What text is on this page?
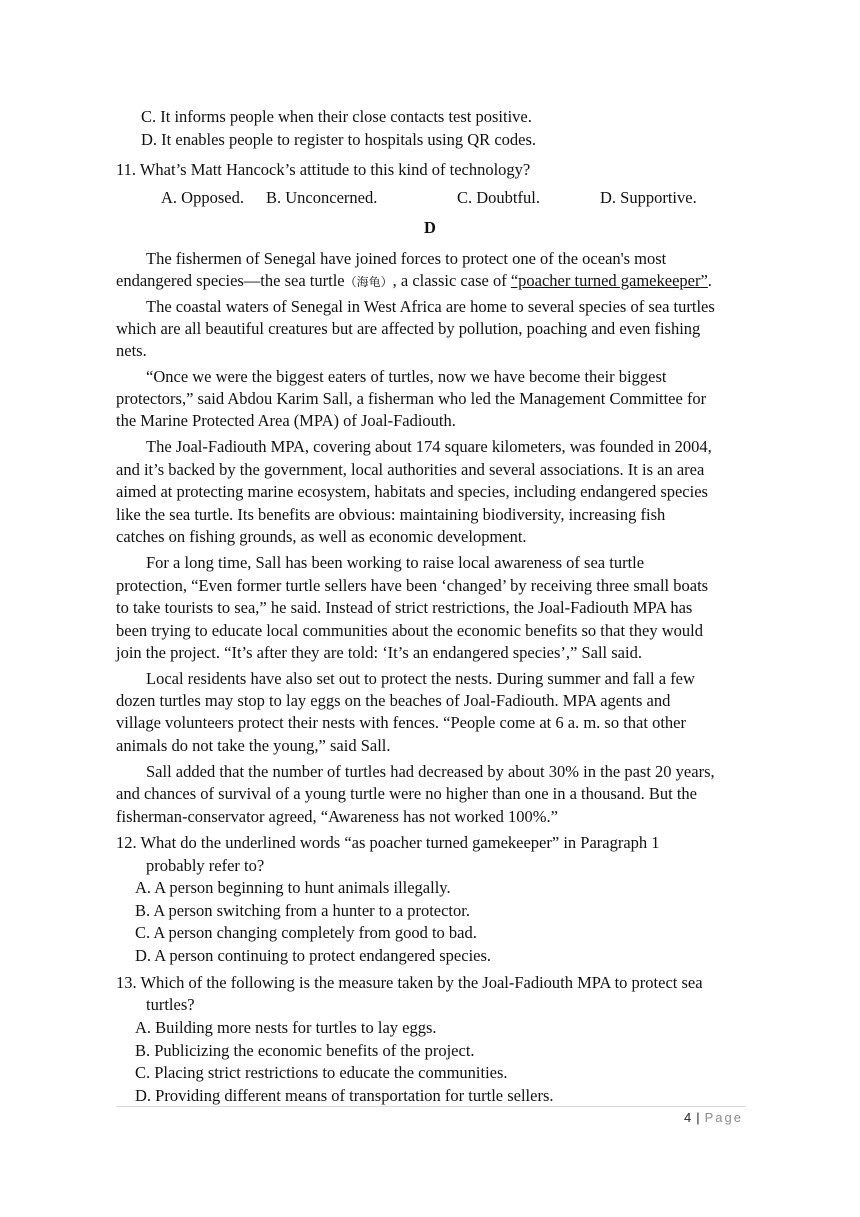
C. It informs people when their close contacts test positive.
D. It enables people to register to hospitals using QR codes.
11. What’s Matt Hancock’s attitude to this kind of technology?
A. Opposed. B. Unconcerned.	C. Doubtful.	D. Supportive.
D
The fishermen of Senegal have joined forces to protect one of the ocean's most
endangered species—the sea turtle（海龟）, a classic case of “poacher turned gamekeeper”.
The coastal waters of Senegal in West Africa are home to several species of sea turtles
which are all beautiful creatures but are affected by pollution, poaching and even fishing
nets.
“Once we were the biggest eaters of turtles, now we have become their biggest
protectors,” said Abdou Karim Sall, a fisherman who led the Management Committee for
the Marine Protected Area (MPA) of Joal-Fadiouth.
The Joal-Fadiouth MPA, covering about 174 square kilometers, was founded in 2004,
and it’s backed by the government, local authorities and several associations. It is an area
aimed at protecting marine ecosystem, habitats and species, including endangered species
like the sea turtle. Its benefits are obvious: maintaining biodiversity, increasing fish
catches on fishing grounds, as well as economic development.
For a long time, Sall has been working to raise local awareness of sea turtle
protection, “Even former turtle sellers have been ‘changed’ by receiving three small boats
to take tourists to sea,” he said. Instead of strict restrictions, the Joal-Fadiouth MPA has
been trying to educate local communities about the economic benefits so that they would
join the project. “It’s after they are told: ‘It’s an endangered species’,” Sall said.
Local residents have also set out to protect the nests. During summer and fall a few
dozen turtles may stop to lay eggs on the beaches of Joal-Fadiouth. MPA agents and
village volunteers protect their nests with fences. “People come at 6 a. m. so that other
animals do not take the young,” said Sall.
Sall added that the number of turtles had decreased by about 30% in the past 20 years,
and chances of survival of a young turtle were no higher than one in a thousand. But the
fisherman-conservator agreed, “Awareness has not worked 100%.”
12. What do the underlined words “as poacher turned gamekeeper” in Paragraph 1
probably refer to?
A. A person beginning to hunt animals illegally.
B. A person switching from a hunter to a protector.
C. A person changing completely from good to bad.
D. A person continuing to protect endangered species.
13. Which of the following is the measure taken by the Joal-Fadiouth MPA to protect sea
turtles?
A. Building more nests for turtles to lay eggs.
B. Publicizing the economic benefits of the project.
C. Placing strict restrictions to educate the communities.
D. Providing different means of transportation for turtle sellers.
4 | Page
